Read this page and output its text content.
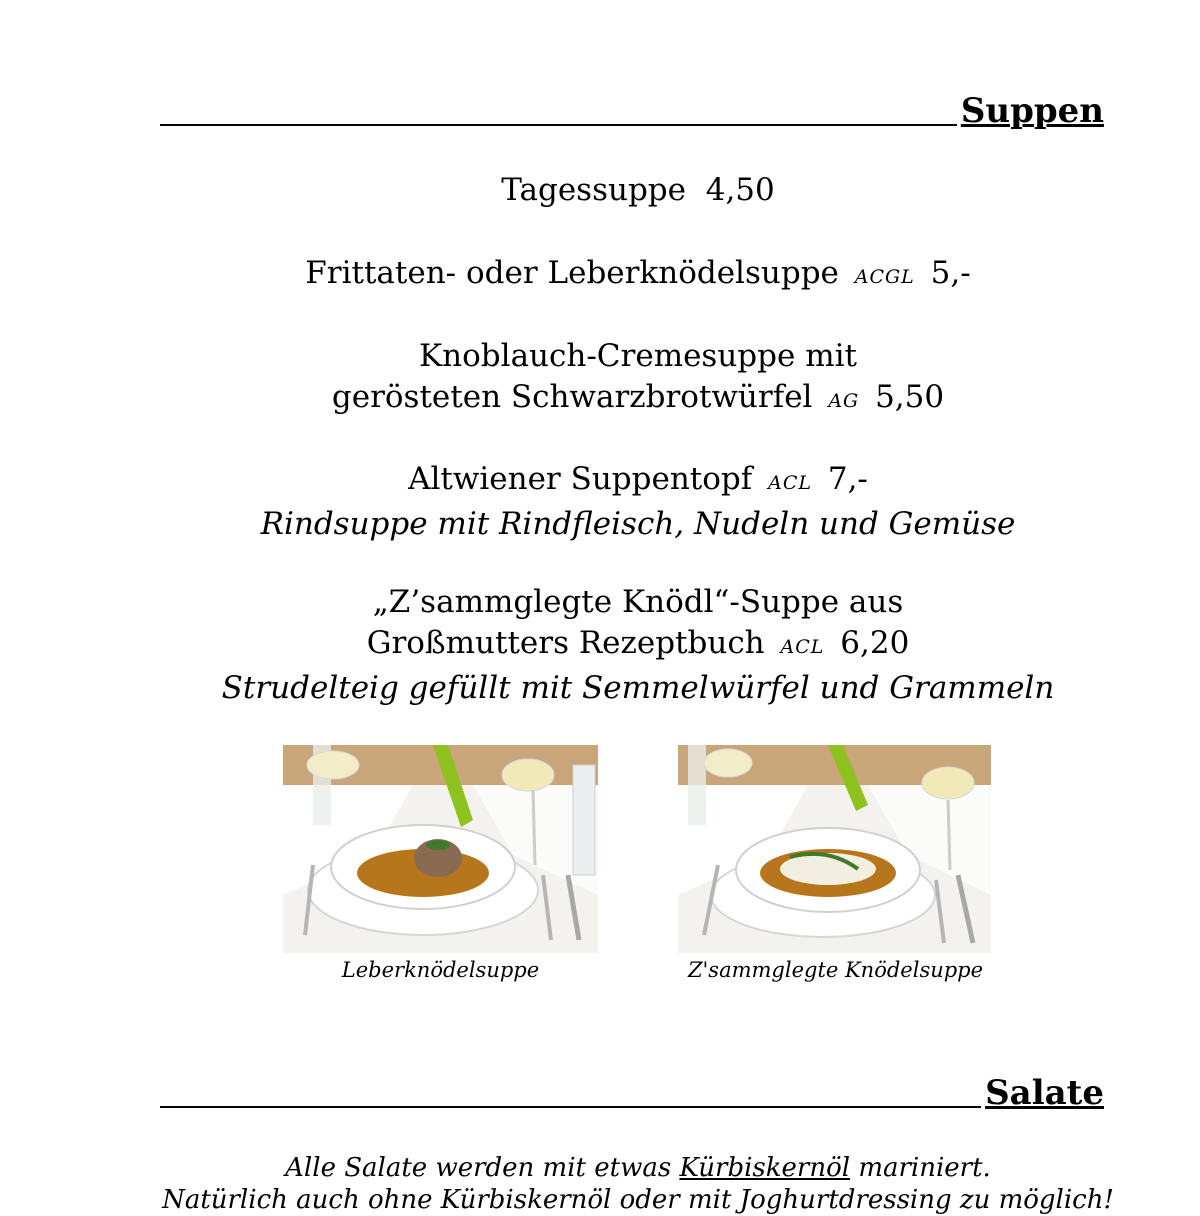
Suppen
Tagessuppe 4,50
Frittaten- oder Leberknödelsuppe ACGL 5,-
Knoblauch-Cremesuppe mit
gerösteten Schwarzbrotwürfel AG 5,50
Altwiener Suppentopf ACL 7,-
Rindsuppe mit Rindfleisch, Nudeln und Gemüse
„Z’sammglegte Knödl“-Suppe aus
Großmutters Rezeptbuch ACL 6,20
Strudelteig gefüllt mit Semmelwürfel und Grammeln
Leberknödelsuppe	Z'sammglegte Knödelsuppe
Salate
Alle Salate werden mit etwas Kürbiskernöl mariniert.
Natürlich auch ohne Kürbiskernöl oder mit Joghurtdressing zu möglich!
